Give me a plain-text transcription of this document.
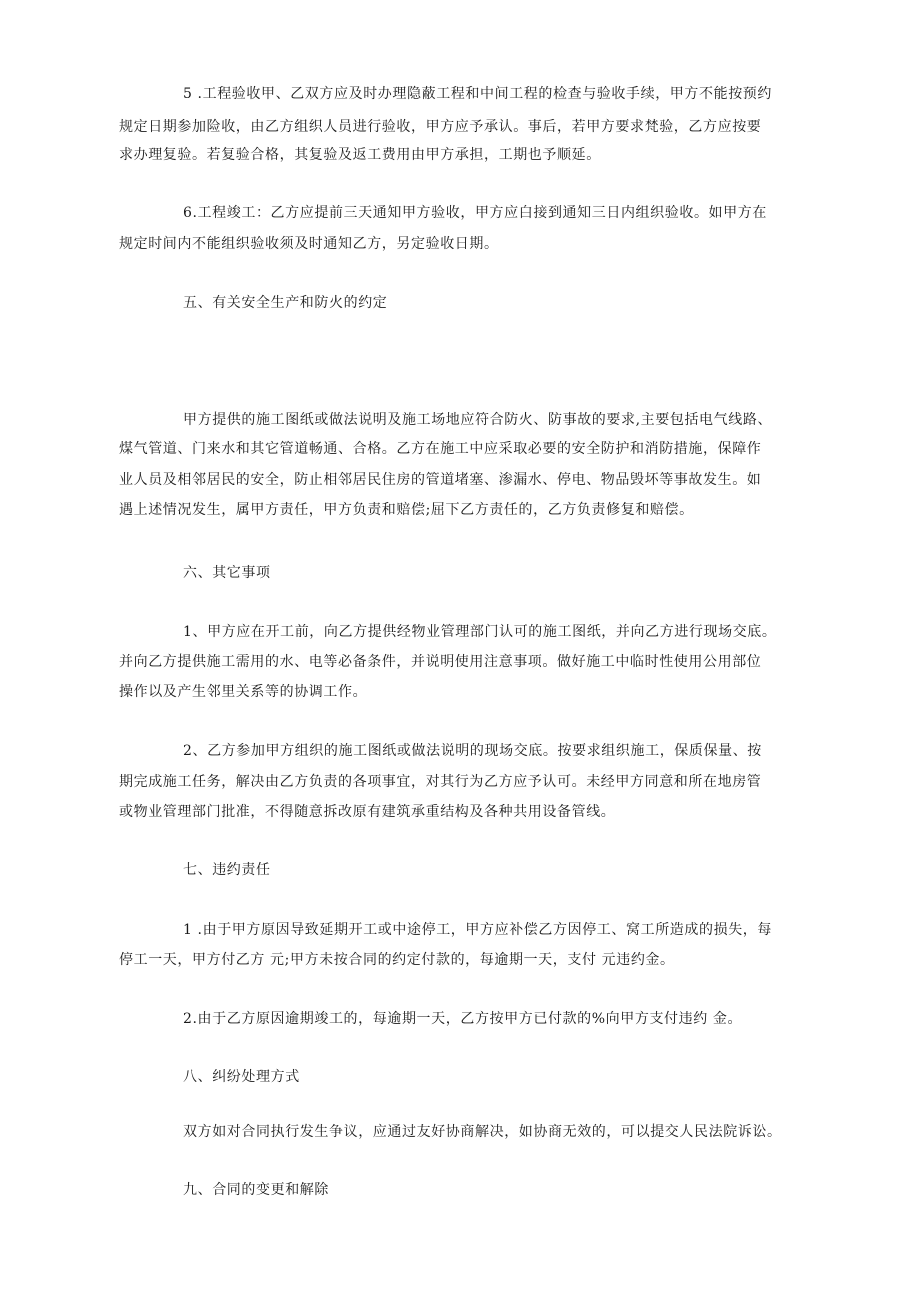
5 .工程验收甲、乙双方应及时办理隐蔽工程和中间工程的检查与验收手续，甲方不能按预约
规定日期参加险收，由乙方组织人员进行验收，甲方应予承认。事后，若甲方要求梵验，乙方应按要
求办理复验。若复验合格，其复验及返工费用由甲方承担，工期也予顺延。
6.工程竣工：乙方应提前三天通知甲方验收，甲方应白接到通知三日内组织验收。如甲方在
规定时间内不能组织验收须及时通知乙方，另定验收日期。
五、有关安全生产和防火的约定
甲方提供的施工图纸或做法说明及施工场地应符合防火、防事故的要求,主要包括电气线路、
煤气管道、门来水和其它管道畅通、合格。乙方在施工中应采取必要的安全防护和消防措施，保障作
业人员及相邻居民的安全，防止相邻居民住房的管道堵塞、渗漏水、停电、物品毁坏等事故发生。如
遇上述情况发生，属甲方责任，甲方负责和赔偿;屈下乙方责任的，乙方负责修复和赔偿。
六、其它事项
1、甲方应在开工前，向乙方提供经物业管理部门认可的施工图纸，并向乙方进行现场交底。
并向乙方提供施工需用的水、电等必备条件，并说明使用注意事项。做好施工中临时性使用公用部位
操作以及产生邻里关系等的协调工作。
2、乙方参加甲方组织的施工图纸或做法说明的现场交底。按要求组织施工，保质保量、按
期完成施工任务，解决由乙方负责的各项事宜，对其行为乙方应予认可。未经甲方同意和所在地房管
或物业管理部门批准，不得随意拆改原有建筑承重结构及各种共用设备管线。
七、违约责任
1 .由于甲方原因导致延期开工或中途停工，甲方应补偿乙方因停工、窝工所造成的损失，每
停工一天，甲方付乙方 元;甲方未按合同的约定付款的，每逾期一天，支付 元违约金。
2.由于乙方原因逾期竣工的，每逾期一天，乙方按甲方已付款的%向甲方支付违约 金。
八、纠纷处理方式
双方如对合同执行发生争议，应通过友好协商解决，如协商无效的，可以提交人民法院诉讼。
九、合同的变更和解除
